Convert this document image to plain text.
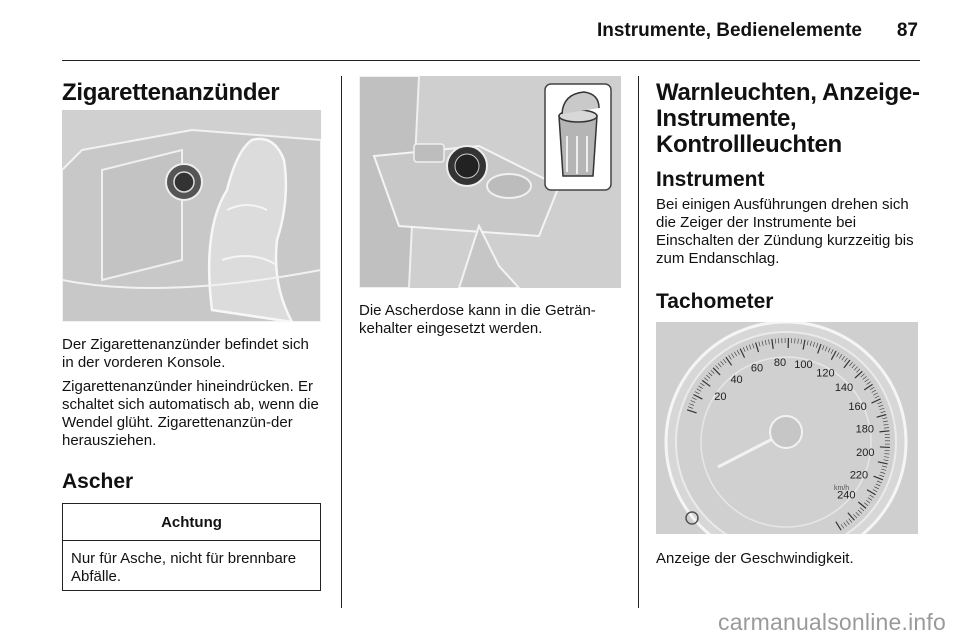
Instrumente, Bedienelemente 87
Zigarettenanzünder

Der Zigarettenanzünder befindet sich in der vorderen Konsole.

Zigarettenanzünder hineindrücken. Er schaltet sich automatisch ab, wenn die Wendel glüht. Zigarettenanzün-der herausziehen.

Ascher
Achtung
Nur für Asche, nicht für brennbare Abfälle.

Die Ascherdose kann in die Geträn-kehalter eingesetzt werden.

Warnleuchten, Anzeige-Instrumente, Kontrollleuchten
Instrument

Bei einigen Ausführungen drehen sich die Zeiger der Instrumente bei Einschalten der Zündung kurzzeitig bis zum Endanschlag.

Tachometer
20
40
60 80 100
120
140
160
180
200
220
240
km/h

Anzeige der Geschwindigkeit.

carmanualsonline.info
